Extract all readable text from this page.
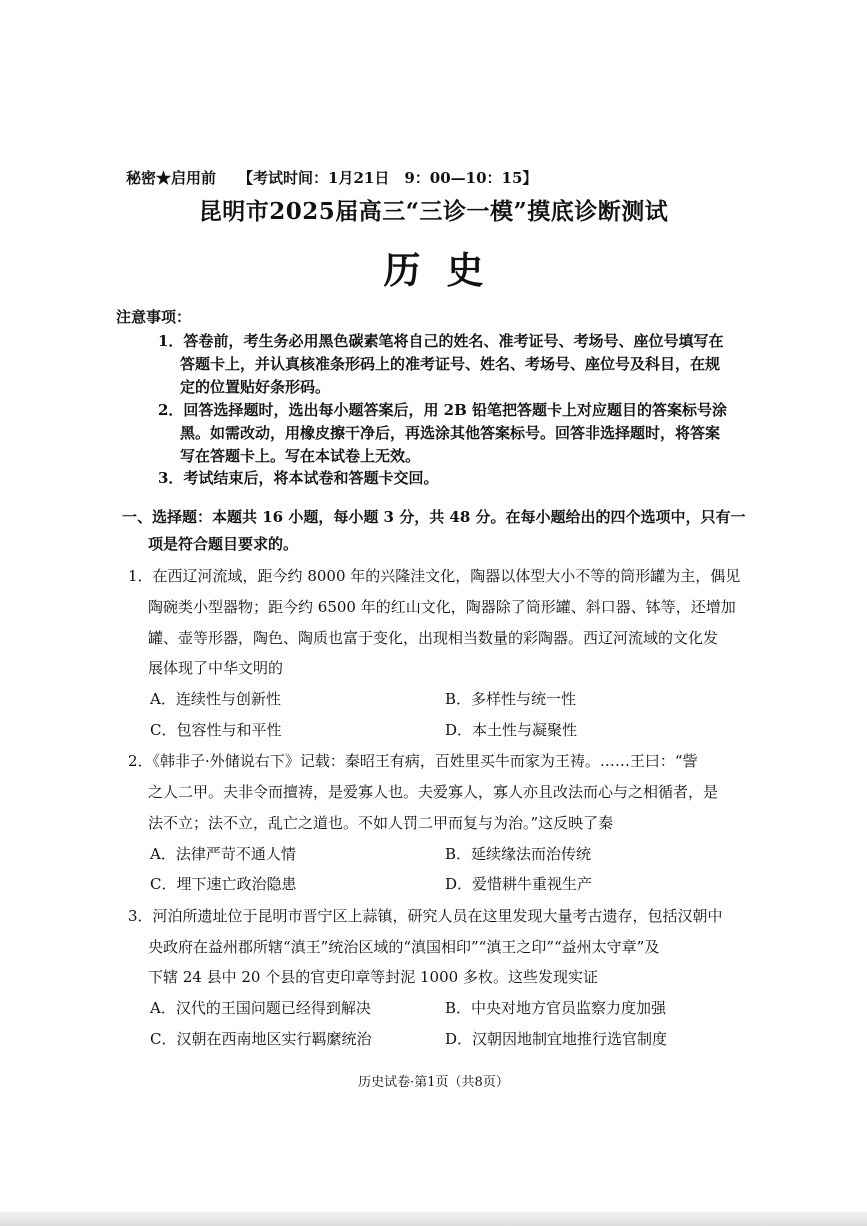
秘密★启用前 【考试时间：1月21日　9：00—10：15】
昆明市2025届高三“三诊一模”摸底诊断测试
历史
注意事项：
1．答卷前，考生务必用黑色碳素笔将自己的姓名、准考证号、考场号、座位号填写在
答题卡上，并认真核准条形码上的准考证号、姓名、考场号、座位号及科目，在规
定的位置贴好条形码。
2．回答选择题时，选出每小题答案后，用 2B 铅笔把答题卡上对应题目的答案标号涂
黑。如需改动，用橡皮擦干净后，再选涂其他答案标号。回答非选择题时，将答案
写在答题卡上。写在本试卷上无效。
3．考试结束后，将本试卷和答题卡交回。
一、选择题：本题共 16 小题，每小题 3 分，共 48 分。在每小题给出的四个选项中，只有一
项是符合题目要求的。
1．在西辽河流域，距今约 8000 年的兴隆洼文化，陶器以体型大小不等的筒形罐为主，偶见
陶碗类小型器物；距今约 6500 年的红山文化，陶器除了筒形罐、斜口器、钵等，还增加
罐、壶等形器，陶色、陶质也富于变化，出现相当数量的彩陶器。西辽河流域的文化发
展体现了中华文明的
A．连续性与创新性	B．多样性与统一性
C．包容性与和平性	D．本土性与凝聚性
2．《韩非子·外储说右下》记载：秦昭王有病，百姓里买牛而家为王祷。……王曰：“訾
之人二甲。夫非令而擅祷，是爱寡人也。夫爱寡人，寡人亦且改法而心与之相循者，是
法不立；法不立，乱亡之道也。不如人罚二甲而复与为治。”这反映了秦
A．法律严苛不通人情	B．延续缘法而治传统
C．埋下速亡政治隐患	D．爱惜耕牛重视生产
3．河泊所遗址位于昆明市晋宁区上蒜镇，研究人员在这里发现大量考古遗存，包括汉朝中
央政府在益州郡所辖“滇王”统治区域的“滇国相印”“滇王之印”“益州太守章”及
下辖 24 县中 20 个县的官吏印章等封泥 1000 多枚。这些发现实证
A．汉代的王国问题已经得到解决	B．中央对地方官员监察力度加强
C．汉朝在西南地区实行羁縻统治	D．汉朝因地制宜地推行选官制度
历史试卷·第1页（共8页）
